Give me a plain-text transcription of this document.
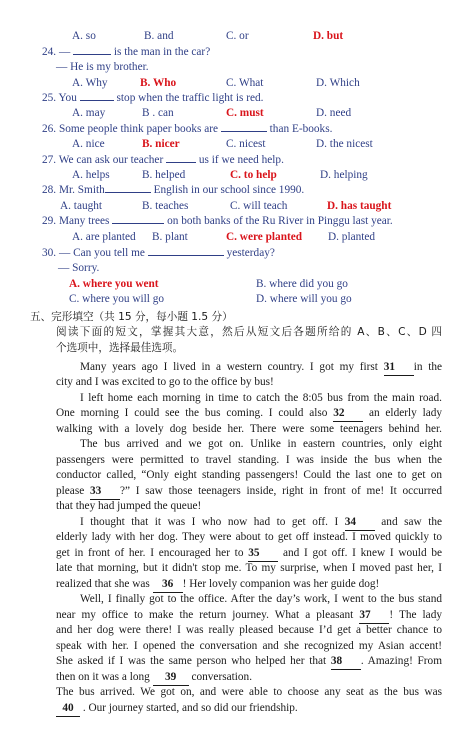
A. so	B. and	C. or	D. but
24. —	is the man in the car?
— He is my brother.
A. Why	B. Who	C. What	D. Which
25. You	stop when the traffic light is red.
A. may	B . can	C. must	D. need
26. Some people think paper books are	than E-books.
A. nice	B. nicer	C. nicest	D. the nicest
27. We can ask our teacher	us if we need help.
A. helps	B. helped	C. to help	D. helping
28. Mr. Smith	English in our school since 1990.
A. taught	B. teaches	C. will teach	D. has taught
29. Many trees	on both banks of the Ru River in Pinggu last year.
A. are planted B. plant	C. were planted D. planted
30. — Can you tell me	yesterday?
— Sorry.
A. where you went	B. where did you go
C. where you will go	D. where will you go
五、完形填空（共 15 分，每小题 1.5 分）
阅读下面的短文，掌握其大意，然后从短文后各题所给的 A、B、C、D 四
个选项中，选择最佳选项。
Many years ago I lived in a western country. I got my first 31 in the
city and I was excited to go to the office by bus!
I left home each morning in time to catch the 8:05 bus from the main road.
One morning I could see the bus coming. I could also 32 an elderly lady
walking with a lovely dog beside her. There were some teenagers behind her.
The bus arrived and we got on. Unlike in eastern countries, only eight
passengers were permitted to travel standing. I was inside the bus when the
conductor called, “Only eight standing passengers! Could the last one to get on
please 33 ?” I saw those teenagers inside, right in front of me! It occurred
that they had jumped the queue!
I thought that it was I who now had to get off. I 34 and saw the
elderly lady with her dog. They were about to get off instead. I moved quickly to
get in front of her. I encouraged her to 35 and I got off. I knew I would be
late that morning, but it didn't stop me. To my surprise, when I moved past her, I
realized that she was 36 ! Her lovely companion was her guide dog!
Well, I finally got to the office. After the day’s work, I went to the bus stand
near my office to make the return journey. What a pleasant 37 ! The lady
and her dog were there! I was really pleased because I’d get a better chance to
speak with her. I opened the conversation and she recognized my Asian accent!
She asked if I was the same person who helped her that 38 . Amazing! From
then on it was a long 39 conversation.
The bus arrived. We got on, and were able to choose any seat as the bus was
40 . Our journey started, and so did our friendship.
